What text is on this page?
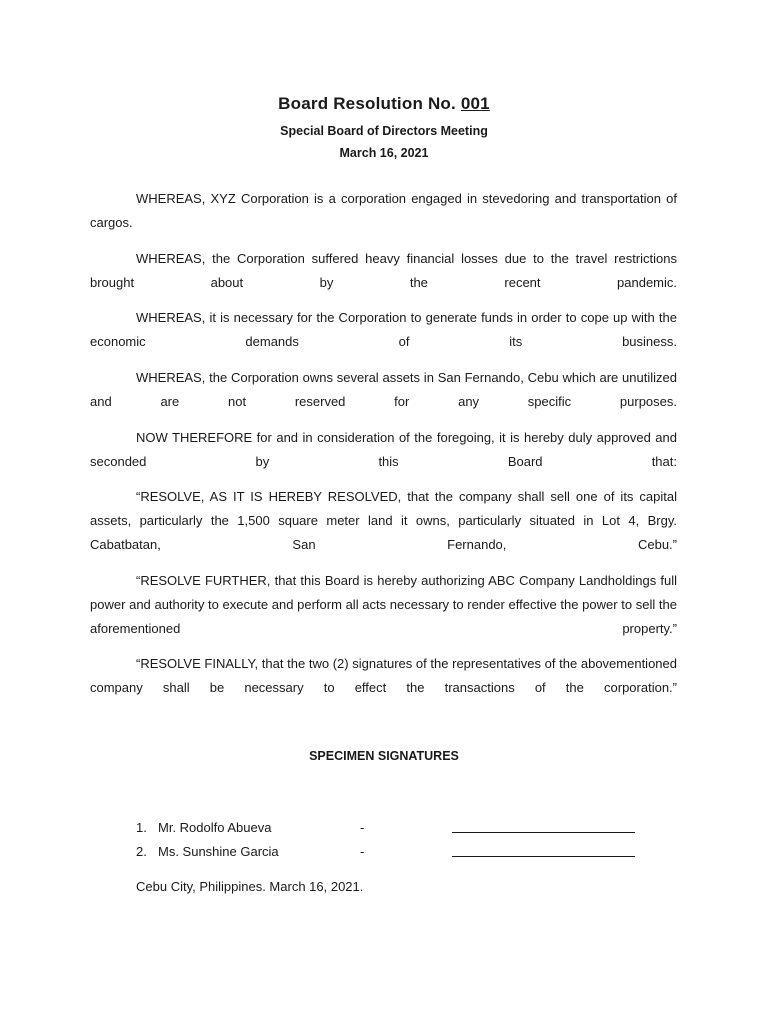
Board Resolution No. 001
Special Board of Directors Meeting
March 16, 2021

WHEREAS, XYZ Corporation is a corporation engaged in stevedoring and transportation of cargos.

WHEREAS, the Corporation suffered heavy financial losses due to the travel restrictions brought about by the recent pandemic.

WHEREAS, it is necessary for the Corporation to generate funds in order to cope up with the economic demands of its business.

WHEREAS, the Corporation owns several assets in San Fernando, Cebu which are unutilized and are not reserved for any specific purposes.

NOW THEREFORE for and in consideration of the foregoing, it is hereby duly approved and seconded by this Board that:

“RESOLVE, AS IT IS HEREBY RESOLVED, that the company shall sell one of its capital assets, particularly the 1,500 square meter land it owns, particularly situated in Lot 4, Brgy. Cabatbatan, San Fernando, Cebu.”

“RESOLVE FURTHER, that this Board is hereby authorizing ABC Company Landholdings full power and authority to execute and perform all acts necessary to render effective the power to sell the aforementioned property.”

“RESOLVE FINALLY, that the two (2) signatures of the representatives of the abovementioned company shall be necessary to effect the transactions of the corporation.”

SPECIMEN SIGNATURES
1. Mr. Rodolfo Abueva	-
2. Ms. Sunshine Garcia	-
Cebu City, Philippines. March 16, 2021.
